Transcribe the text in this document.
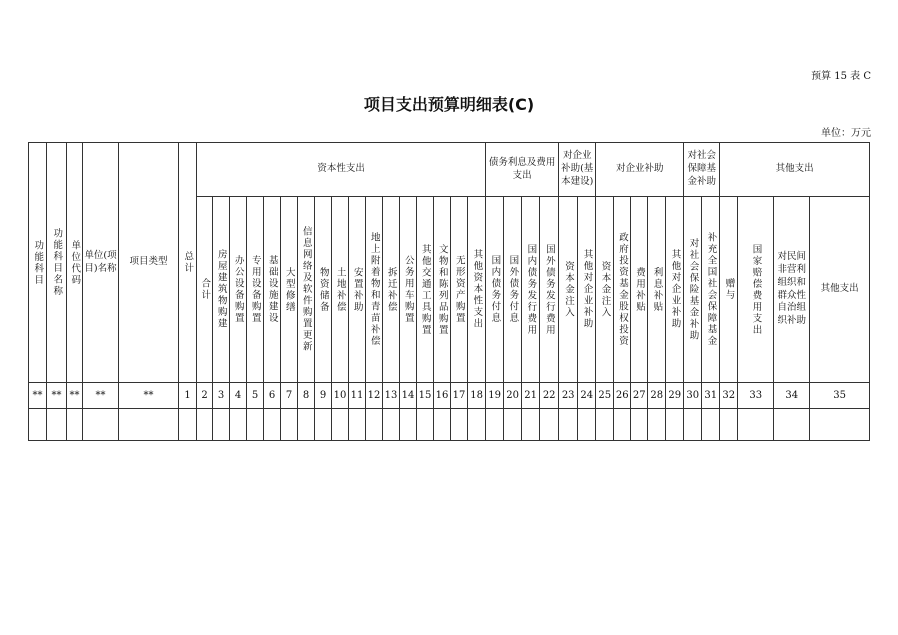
预算 15 表 C
项目支出预算明细表(C)
单位：万元
功能科目	功能科目名称	单位代码	单位(项目)名称	项目类型	总计	资本性支出																	债务利息及费用支出				对企业补助(基本建设)		对企业补助					对社会保障基金补助		其他支出			

						合计	房屋建筑物购建	办公设备购置	专用设备购置	基础设施建设	大型修缮	信息网络及软件购置更新	物资储备	土地补偿	安置补助	地上附着物和青苗补偿	拆迁补偿	公务用车购置	其他交通工具购置	文物和陈列品购置	无形资产购置	其他资本性支出	国内债务付息	国外债务付息	国内债务发行费用	国外债务发行费用	资本金注入	其他对企业补助	资本金注入	政府投资基金股权投资	费用补贴	利息补贴	其他对企业补助	对社会保险基金补助	补充全国社会保障基金	赠与	国家赔偿费用支出	对民间非营利组织和群众性自治组织补助	其他支出
**	**	**	**	**	1	2	3	4	5	6	7	8	9	10	11	12	13	14	15	16	17	18	19	20	21	22	23	24	25	26	27	28	29	30	31	32	33	34	35
